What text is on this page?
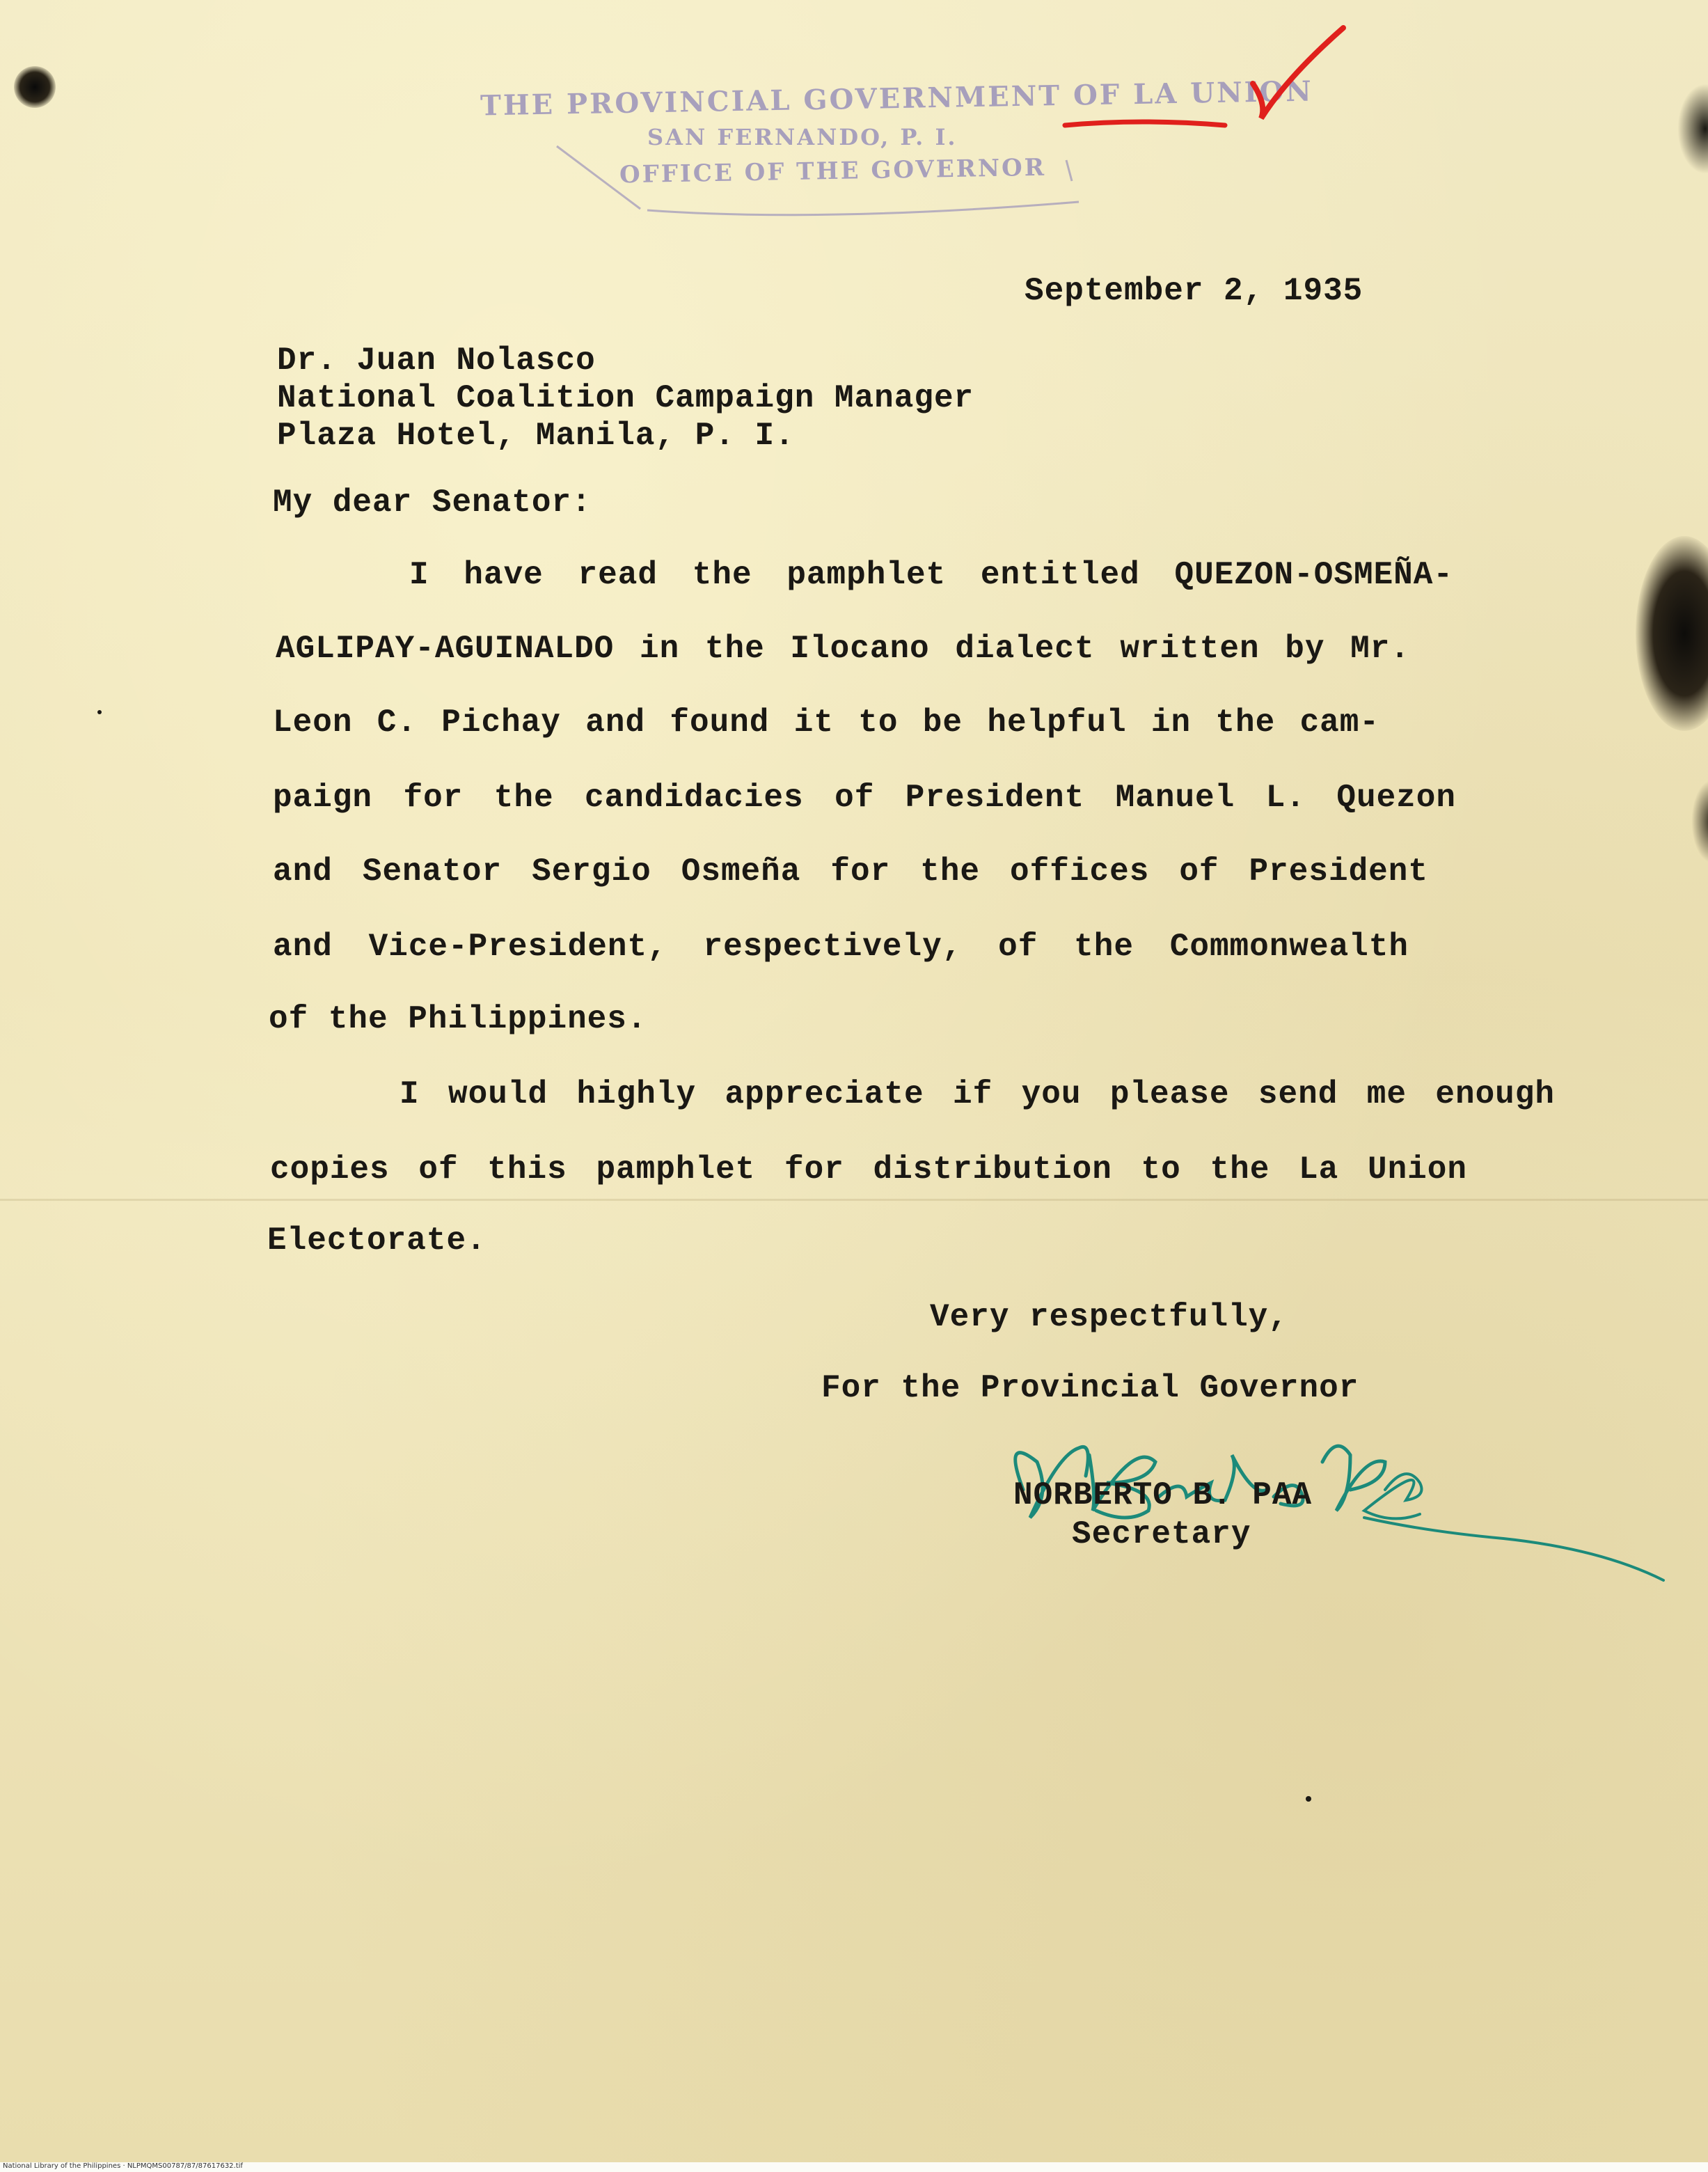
THE PROVINCIAL GOVERNMENT OF LA UNION
SAN FERNANDO, P. I.
OFFICE OF THE GOVERNOR
September 2, 1935
Dr. Juan Nolasco
National Coalition Campaign Manager
Plaza Hotel, Manila, P. I.
My dear Senator:
I have read the pamphlet entitled QUEZON-OSMEÑA-
AGLIPAY-AGUINALDO in the Ilocano dialect written by Mr.
Leon C. Pichay and found it to be helpful in the cam-
paign for the candidacies of President Manuel L. Quezon
and Senator Sergio Osmeña for the offices of President
and Vice-President, respectively, of the Commonwealth
of the Philippines.
I would highly appreciate if you please send me enough
copies of this pamphlet for distribution to the La Union
Electorate.
Very respectfully,
For the Provincial Governor
NORBERTO B. PAA
Secretary
National Library of the Philippines · NLPMQMS00787/87/87617632.tif
